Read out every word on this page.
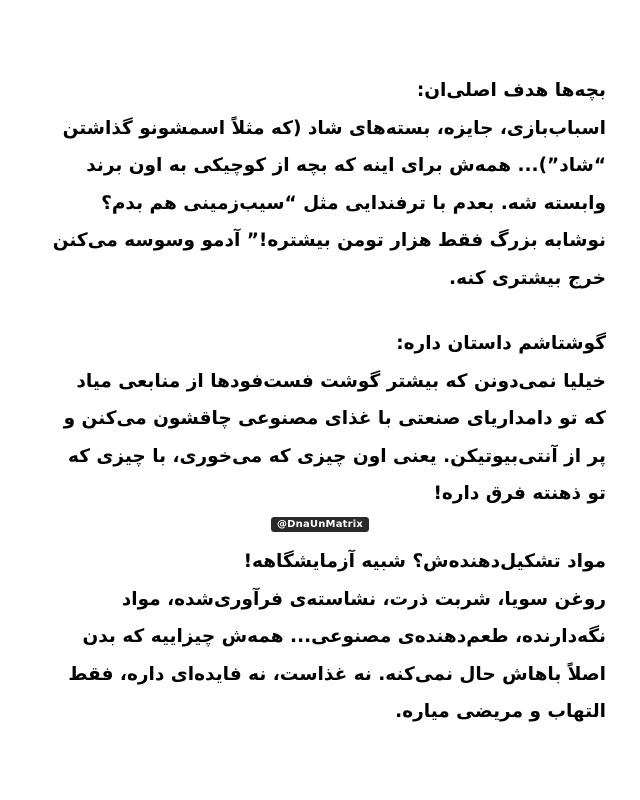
بچه‌ها هدف اصلی‌ان:
اسباب‌بازی، جایزه، بسته‌های شاد (که مثلاً اسمشونو گذاشتن
“شاد”)... همه‌ش برای اینه که بچه از کوچیکی به اون برند
وابسته شه. بعدم با ترفندایی مثل “سیب‌زمینی هم بدم؟
نوشابه بزرگ فقط هزار تومن بیشتره!” آدمو وسوسه می‌کنن
خرج بیشتری کنه.
گوشتاشم داستان داره:
خیلیا نمی‌دونن که بیشتر گوشت فست‌فودها از منابعی میاد
که تو دامداریای صنعتی با غذای مصنوعی چاقشون می‌کنن و
پر از آنتی‌بیوتیکن. یعنی اون چیزی که می‌خوری، با چیزی که
تو ذهنته فرق داره!
@DnaUnMatrix
مواد تشکیل‌دهنده‌ش؟ شبیه آزمایشگاهه!
روغن سویا، شربت ذرت، نشاسته‌ی فرآوری‌شده، مواد
نگه‌دارنده، طعم‌دهنده‌ی مصنوعی... همه‌ش چیزاییه که بدن
اصلاً باهاش حال نمی‌کنه. نه غذاست، نه فایده‌ای داره، فقط
التهاب و مریضی میاره.
